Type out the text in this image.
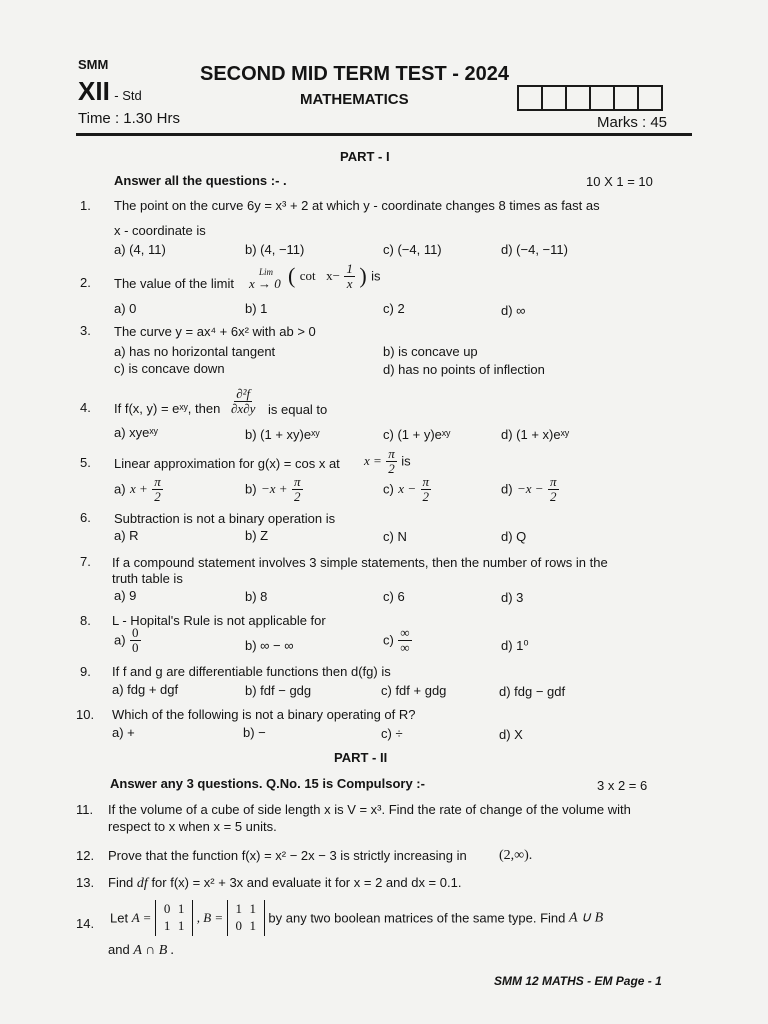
SMM
XII - Std
SECOND MID TERM TEST - 2024
MATHEMATICS
Time : 1.30 Hrs	Marks : 45
PART - I
Answer all the questions :- .	10 X 1 = 10
1. The point on the curve 6y = x³ + 2 at which y - coordinate changes 8 times as fast as
x - coordinate is
a) (4, 11)	b) (4, −11)	c) (−4, 11)	d) (−4, −11)
2. The value of the limit
Lim
x → 0 ( $\cot x- \frac{1}{x}$ ) is
a) 0	b) 1	c) 2	d) ∞
3. The curve y = ax⁴ + 6x² with ab > 0
a) has no horizontal tangent	b) is concave up
c) is concave down	d) has no points of inflection
4. If f(x, y) = eˣʸ, then $\frac{\text{∂²f}}{\partial x\partial y}$ is equal to
a) xyeˣʸ	b) (1 + xy)eˣʸ	c) (1 + y)eˣʸ	d) (1 + x)eˣʸ
5. Linear approximation for g(x) = cos x at $x = \frac{\pi}{2}$ is
a) $x + \frac{\pi}{2}$	$b) -x + \frac{\pi}{2}$	c) $x - \frac{\pi}{2}$	$d) -x - \frac{\pi}{2}$
6. Subtraction is not a binary operation is
a) R	b) Z	c) N	d) Q
7. If a compound statement involves 3 simple statements, then the number of rows in the
truth table is
a) 9	b) 8	c) 6	d) 3
8. L - Hopital's Rule is not applicable for
$a) \frac{0}{0}$	b) ∞ − ∞	$c) \frac{\infty}{\infty}$	d) 1⁰
9. If f and g are differentiable functions then d(fg) is
a) fdg + dgf	b) fdf − gdg	c) fdf + gdg	d) fdg − gdf
10. Which of the following is not a binary operating of R?
a) +	b) −	c) ÷	d) X
PART - II
Answer any 3 questions. Q.No. 15 is Compulsory :-	3 x 2 = 6
11. If the volume of a cube of side length x is V = x³. Find the rate of change of the volume with
respect to x when x = 5 units.
12. Prove that the function f(x) = x² − 2x − 3 is strictly increasing in (2,∞).
13. Find df for f(x) = x² + 3x and evaluate it for x = 2 and dx = 0.1.
14. Let A =
0 1
1 1
, B =
1 1
0 1 by any two boolean matrices of the same type. Find A ∪ B
and A ∩ B .
SMM 12 MATHS - EM Page - 1
